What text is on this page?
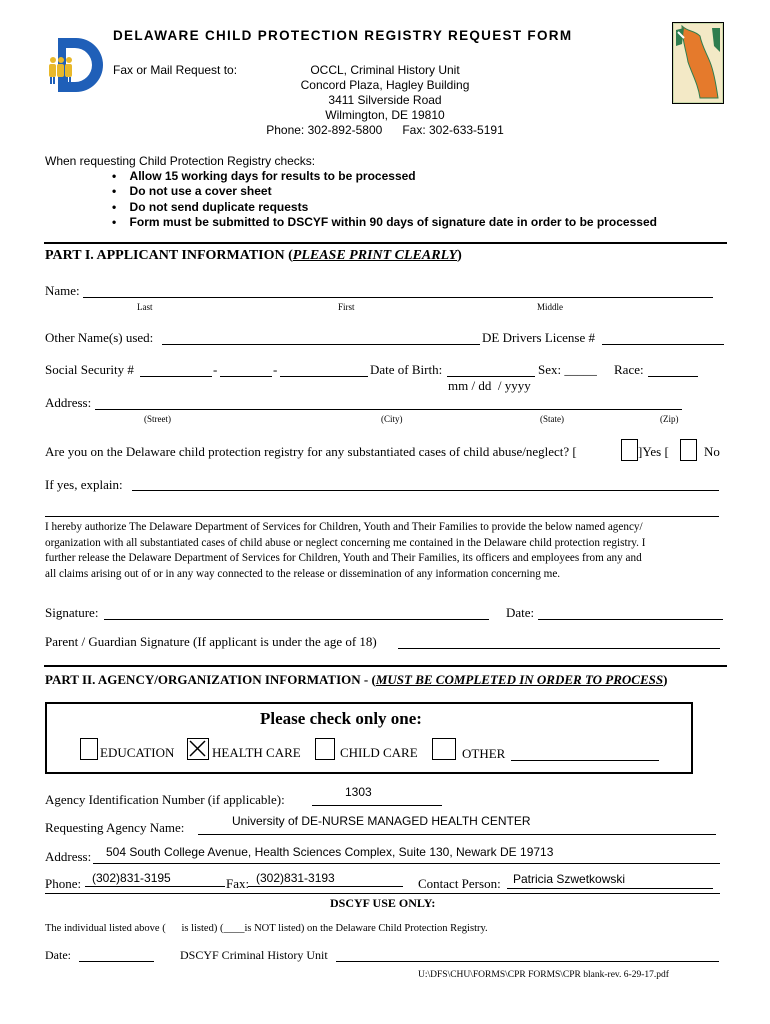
DELAWARE CHILD PROTECTION REGISTRY REQUEST FORM
Fax or Mail Request to:	OCCL, Criminal History Unit
Concord Plaza, Hagley Building
3411 Silverside Road
Wilmington, DE 19810
Phone: 302-892-5800      Fax: 302-633-5191
When requesting Child Protection Registry checks:
•    Allow 15 working days for results to be processed
•    Do not use a cover sheet
•    Do not send duplicate requests
•    Form must be submitted to DSCYF within 90 days of signature date in order to be processed
PART I. APPLICANT INFORMATION (PLEASE PRINT CLEARLY)
Name:
Last	First	Middle
Other Name(s) used:	DE Drivers License #
Social Security #	-	-	Date of Birth:	Sex: _____ Race:
mm / dd  / yyyy
Address:
(Street)	(City)	(State)	(Zip)
Are you on the Delaware child protection registry for any substantiated cases of child abuse/neglect? [	]Yes [	No
If yes, explain:
I hereby authorize The Delaware Department of Services for Children, Youth and Their Families to provide the below named agency/
organization with all substantiated cases of child abuse or neglect concerning me contained in the Delaware child protection registry. I
further release the Delaware Department of Services for Children, Youth and Their Families, its officers and employees from any and
all claims arising out of or in any way connected to the release or dissemination of any information concerning me.
Signature:	Date:
Parent / Guardian Signature (If applicant is under the age of 18)
PART II. AGENCY/ORGANIZATION INFORMATION - (MUST BE COMPLETED IN ORDER TO PROCESS)
Please check only one:
EDUCATION	HEALTH CARE	CHILD CARE	OTHER
Agency Identification Number (if applicable):	1303
Requesting Agency Name:	University of DE-NURSE MANAGED HEALTH CENTER
Address: 504 South College Avenue, Health Sciences Complex, Suite 130, Newark DE 19713
Phone: (302)831-3195	Fax: (302)831-3193	Contact Person: Patricia Szwetkowski
DSCYF USE ONLY:
The individual listed above (      is listed) (____is NOT listed) on the Delaware Child Protection Registry.
Date:	DSCYF Criminal History Unit
U:\DFS\CHU\FORMS\CPR FORMS\CPR blank-rev. 6-29-17.pdf
